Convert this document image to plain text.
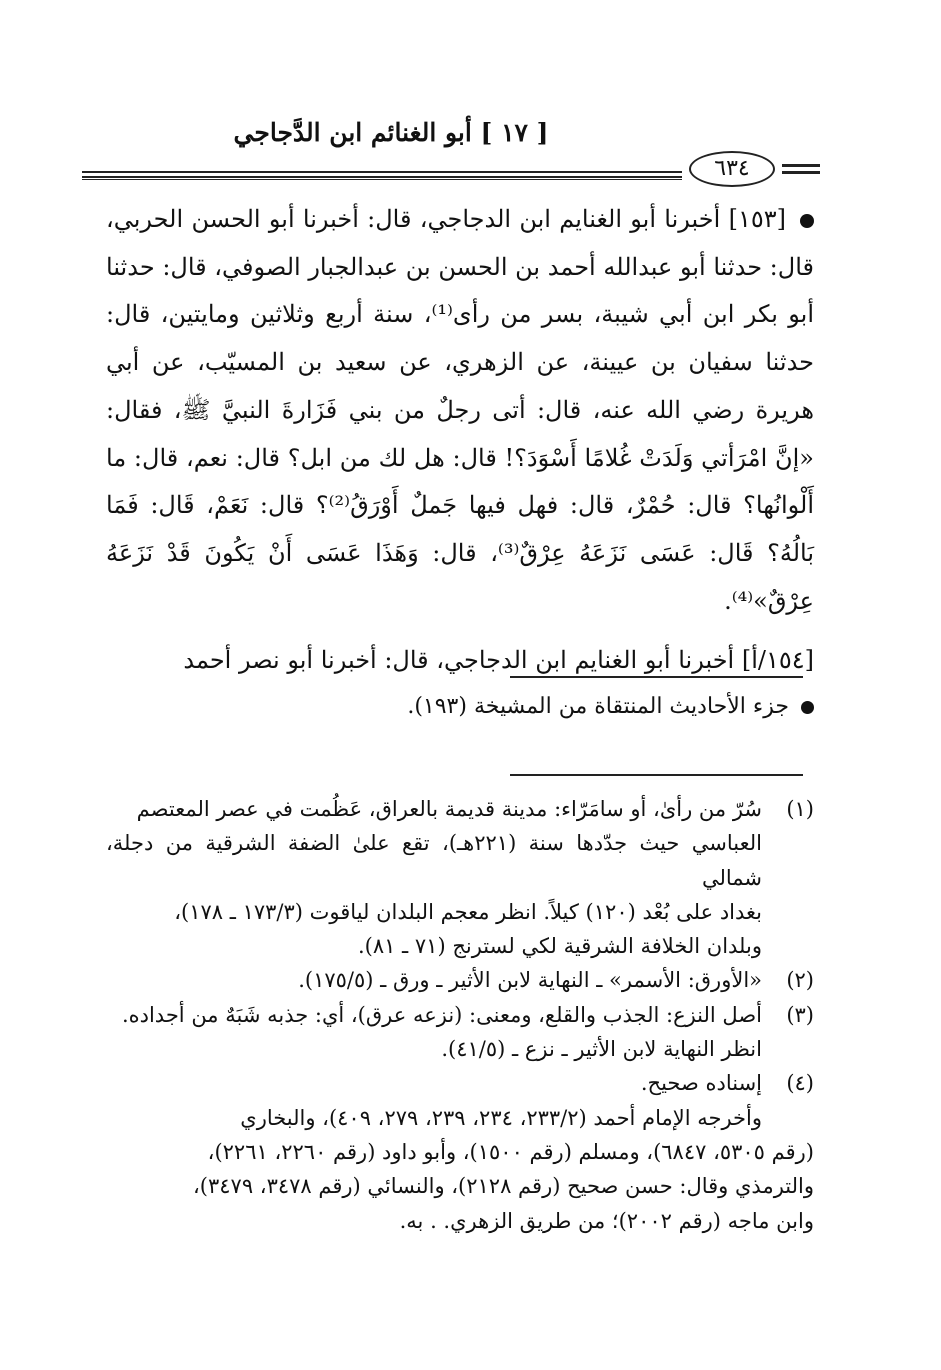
[ ١٧ ] أبو الغنائم ابن الدَّجاجي
٦٣٤

[١٥٣] أخبرنا أبو الغنايم ابن الدجاجي، قال: أخبرنا أبو الحسن الحربي، قال: حدثنا أبو عبدالله أحمد بن الحسن بن عبدالجبار الصوفي، قال: حدثنا أبو بكر ابن أبي شيبة، بسر من رأى⁽¹⁾، سنة أربع وثلاثين ومايتين، قال: حدثنا سفيان بن عيينة، عن الزهري، عن سعيد بن المسيّب، عن أبي هريرة رضي الله عنه، قال: أتى رجلٌ من بني فَزَارةَ النبيَّ ﷺ، فقال: «إنَّ امْرَأتي وَلَدَتْ غُلامًا أَسْوَدَ؟! قال: هل لك من ابل؟ قال: نعم، قال: ما أَلْوانُها؟ قال: حُمْرٌ، قال: فهل فيها جَملٌ أَوْرَقُ⁽²⁾؟ قال: نَعَمْ، قَال: فَمَا بَالُهُ؟ قَال: عَسَى نَزَعَهُ عِرْقٌ⁽³⁾، قال: وَهَذَا عَسَى أَنْ يَكُونَ قَدْ نَزَعَهُ عِرْقٌ»⁽⁴⁾.

[١٥٤/أ] أخبرنا أبو الغنايم ابن الدجاجي، قال: أخبرنا أبو نصر أحمد

جزء الأحاديث المنتقاة من المشيخة (١٩٣).
(١)
سُرّ من رأىٰ، أو سامَرّاء: مدينة قديمة بالعراق، عَظُمت في عصر المعتصم
العباسي حيث جدّدها سنة (٢٢١هـ)، تقع علىٰ الضفة الشرقية من دجلة، شمالي
بغداد على بُعْد (١٢٠) كيلاً. انظر معجم البلدان لياقوت (١٧٣/٣ ـ ١٧٨)،
وبلدان الخلافة الشرقية لكي لسترنج (٧١ ـ ٨١).
(٢)
«الأورق: الأسمر» ـ النهاية لابن الأثير ـ ورق ـ (١٧٥/٥).
(٣)
أصل النزع: الجذب والقلع، ومعنى: (نزعه عرق)، أي: جذبه شَبَهٌ من أجداده.
انظر النهاية لابن الأثير ـ نزع ـ (٤١/٥).
(٤)
إسناده صحيح.
وأخرجه الإمام أحمد (٢٣٣/٢، ٢٣٤، ٢٣٩، ٢٧٩، ٤٠٩)، والبخاري
(رقم ٥٣٠٥، ٦٨٤٧)، ومسلم (رقم ١٥٠٠)، وأبو داود (رقم ٢٢٦٠، ٢٢٦١)،
والترمذي وقال: حسن صحيح (رقم ٢١٢٨)، والنسائي (رقم ٣٤٧٨، ٣٤٧٩)،
وابن ماجه (رقم ٢٠٠٢)؛ من طريق الزهري. . به.
